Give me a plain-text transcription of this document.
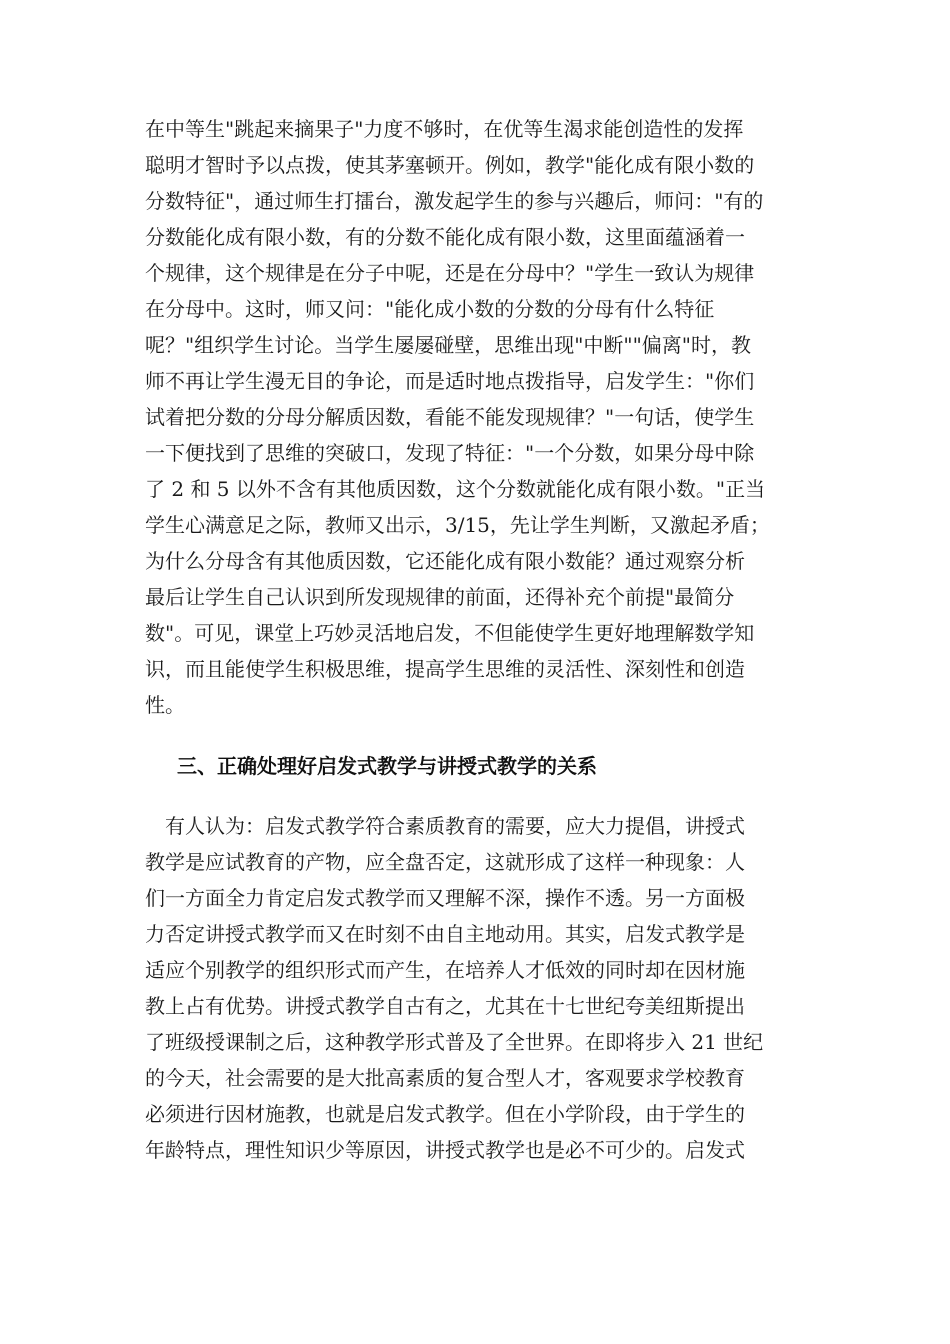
在中等生"跳起来摘果子"力度不够时，在优等生渴求能创造性的发挥
聪明才智时予以点拨，使其茅塞顿开。例如，教学"能化成有限小数的
分数特征"，通过师生打擂台，激发起学生的参与兴趣后，师问："有的
分数能化成有限小数，有的分数不能化成有限小数，这里面蕴涵着一
个规律，这个规律是在分子中呢，还是在分母中？"学生一致认为规律
在分母中。这时，师又问："能化成小数的分数的分母有什么特征
呢？"组织学生讨论。当学生屡屡碰壁，思维出现"中断""偏离"时，教
师不再让学生漫无目的争论，而是适时地点拨指导，启发学生："你们
试着把分数的分母分解质因数，看能不能发现规律？"一句话，使学生
一下便找到了思维的突破口，发现了特征："一个分数，如果分母中除
了 2 和 5 以外不含有其他质因数，这个分数就能化成有限小数。"正当
学生心满意足之际，教师又出示，3/15，先让学生判断，又激起矛盾；
为什么分母含有其他质因数，它还能化成有限小数能？通过观察分析
最后让学生自己认识到所发现规律的前面，还得补充个前提"最简分
数"。可见，课堂上巧妙灵活地启发，不但能使学生更好地理解数学知
识，而且能使学生积极思维，提高学生思维的灵活性、深刻性和创造
性。
三、正确处理好启发式教学与讲授式教学的关系
有人认为：启发式教学符合素质教育的需要，应大力提倡，讲授式
教学是应试教育的产物，应全盘否定，这就形成了这样一种现象：人
们一方面全力肯定启发式教学而又理解不深，操作不透。另一方面极
力否定讲授式教学而又在时刻不由自主地动用。其实，启发式教学是
适应个别教学的组织形式而产生，在培养人才低效的同时却在因材施
教上占有优势。讲授式教学自古有之，尤其在十七世纪夸美纽斯提出
了班级授课制之后，这种教学形式普及了全世界。在即将步入 21 世纪
的今天，社会需要的是大批高素质的复合型人才，客观要求学校教育
必须进行因材施教，也就是启发式教学。但在小学阶段，由于学生的
年龄特点，理性知识少等原因，讲授式教学也是必不可少的。启发式
